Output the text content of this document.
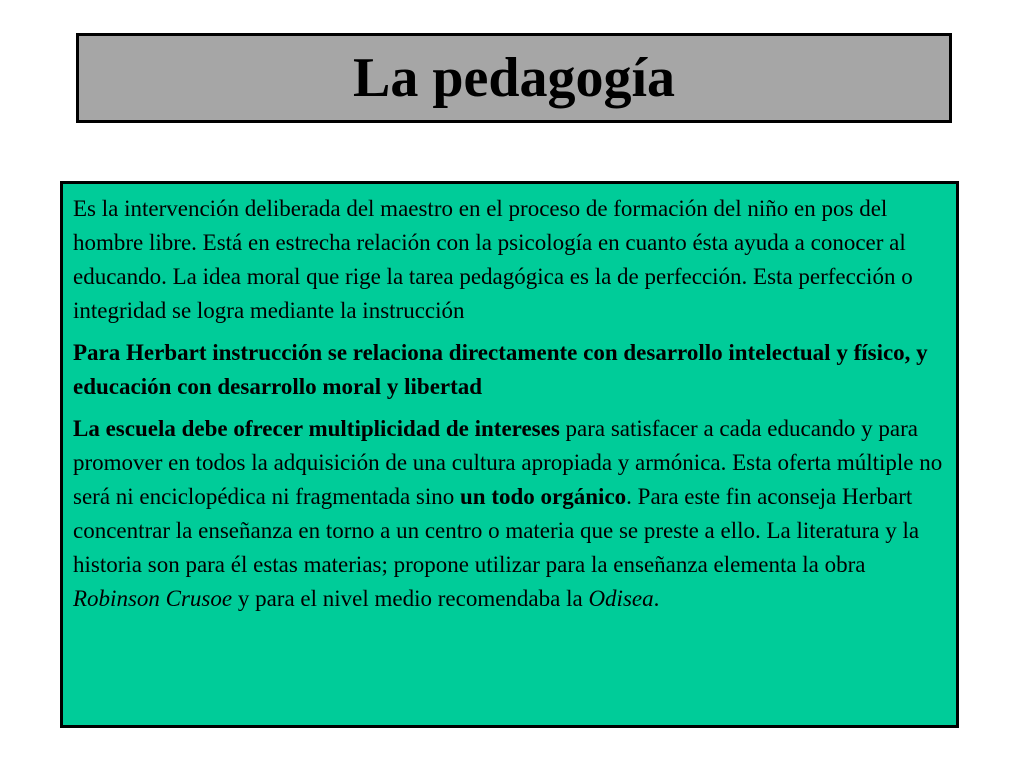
La pedagogía

Es la intervención deliberada del maestro en el proceso de formación del niño en pos del hombre libre. Está en estrecha relación con la psicología en cuanto ésta ayuda a conocer al educando. La idea moral que rige la tarea pedagógica es la de perfección. Esta perfección o integridad se logra mediante la instrucción

Para Herbart instrucción se relaciona directamente con desarrollo intelectual y físico, y educación con desarrollo moral y libertad

La escuela debe ofrecer multiplicidad de intereses para satisfacer a cada educando y para promover en todos la adquisición de una cultura apropiada y armónica. Esta oferta múltiple no será ni enciclopédica ni fragmentada sino un todo orgánico. Para este fin aconseja Herbart concentrar la enseñanza en torno a un centro o materia que se preste a ello. La literatura y la historia son para él estas materias; propone utilizar para la enseñanza elementa la obra Robinson Crusoe y para el nivel medio recomendaba la Odisea.
